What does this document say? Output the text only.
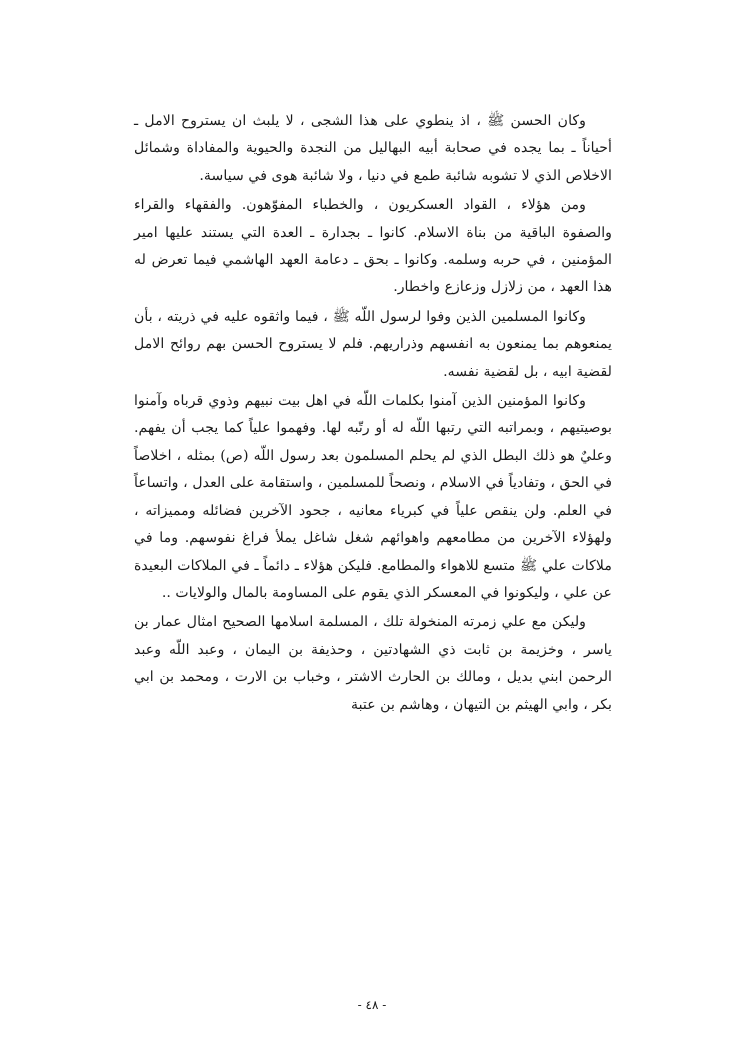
وكان الحسن ﷺ ، اذ ينطوي على هذا الشجى ، لا يلبث ان يستروح الامل ـ أحياناً ـ بما يجده في صحابة أبيه البهاليل من النجدة والحيوية والمفاداة وشمائل الاخلاص الذي لا تشوبه شائبة طمع في دنيا ، ولا شائبة هوى في سياسة.

ومن هؤلاء ، القواد العسكريون ، والخطباء المفوّهون. والفقهاء والقراء والصفوة الباقية من بناة الاسلام. كانوا ـ بجدارة ـ العدة التي يستند عليها امير المؤمنين ، في حربه وسلمه. وكانوا ـ بحق ـ دعامة العهد الهاشمي فيما تعرض له هذا العهد ، من زلازل وزعازع واخطار.

وكانوا المسلمين الذين وفوا لرسول اللّه ﷺ ، فيما واثقوه عليه في ذريته ، بأن يمنعوهم بما يمنعون به انفسهم وذراريهم. فلم لا يستروح الحسن بهم روائح الامل لقضية ابيه ، بل لقضية نفسه.

وكانوا المؤمنين الذين آمنوا بكلمات اللّه في اهل بيت نبيهم وذوي قرباه وآمنوا بوصيتيهم ، وبمراتبه التي رتبها اللّه له أو رتّبه لها. وفهموا علياً كما يجب أن يفهم. وعليٌ هو ذلك البطل الذي لم يحلم المسلمون بعد رسول اللّه (ص) بمثله ، اخلاصاً في الحق ، وتفادياً في الاسلام ، ونصحاً للمسلمين ، واستقامة على العدل ، واتساعاً في العلم. ولن ينقص علياً في كبرياء معانيه ، جحود الآخرين فضائله ومميزاته ، ولهؤلاء الآخرين من مطامعهم واهوائهم شغل شاغل يملأ فراغ نفوسهم. وما في ملاكات علي ﷺ متسع للاهواء والمطامع. فليكن هؤلاء ـ دائماً ـ في الملاكات البعيدة عن علي ، وليكونوا في المعسكر الذي يقوم على المساومة بالمال والولايات ..

وليكن مع علي زمرته المنخولة تلك ، المسلمة اسلامها الصحيح امثال عمار بن ياسر ، وخزيمة بن ثابت ذي الشهادتين ، وحذيفة بن اليمان ، وعبد اللّه وعبد الرحمن ابني بديل ، ومالك بن الحارث الاشتر ، وخباب بن الارت ، ومحمد بن ابي بكر ، وابي الهيثم بن التيهان ، وهاشم بن عتبة

- ٤٨ -
